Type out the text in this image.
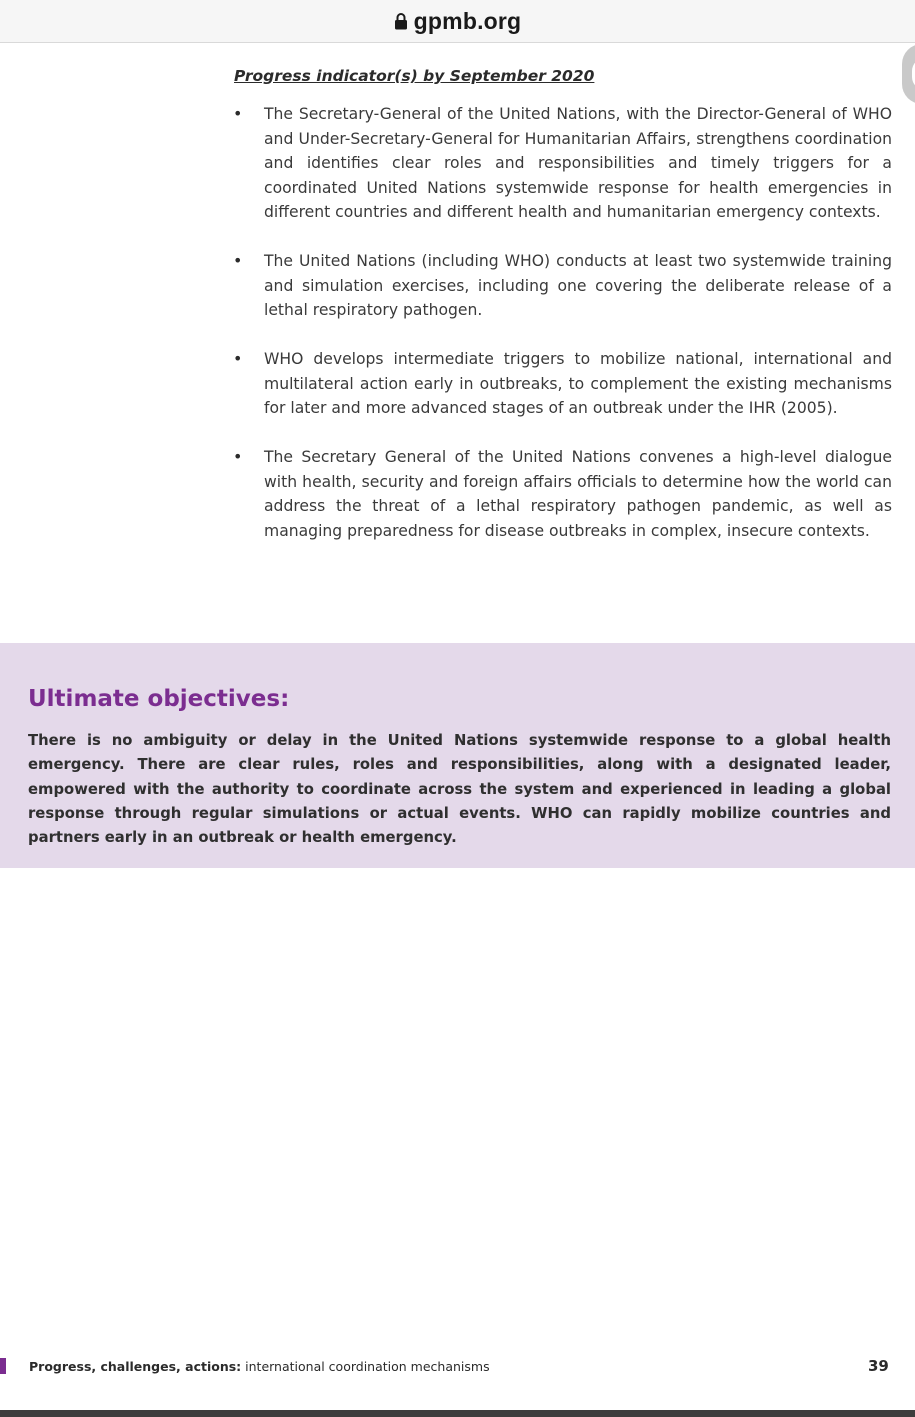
gpmb.org
Progress indicator(s) by September 2020
• The Secretary-General of the United Nations, with the Director-General of WHO and Under-Secretary-General for Humanitarian Affairs, strengthens coordination and identifies clear roles and responsibilities and timely triggers for a coordinated United Nations systemwide response for health emergencies in different countries and different health and humanitarian emergency contexts.
• The United Nations (including WHO) conducts at least two systemwide training and simulation exercises, including one covering the deliberate release of a lethal respiratory pathogen.
• WHO develops intermediate triggers to mobilize national, international and multilateral action early in outbreaks, to complement the existing mechanisms for later and more advanced stages of an outbreak under the IHR (2005).
• The Secretary General of the United Nations convenes a high-level dialogue with health, security and foreign affairs officials to determine how the world can address the threat of a lethal respiratory pathogen pandemic, as well as managing preparedness for disease outbreaks in complex, insecure contexts.
Ultimate objectives:
There is no ambiguity or delay in the United Nations systemwide response to a global health emergency. There are clear rules, roles and responsibilities, along with a designated leader, empowered with the authority to coordinate across the system and experienced in leading a global response through regular simulations or actual events. WHO can rapidly mobilize countries and partners early in an outbreak or health emergency.
Progress, challenges, actions: international coordination mechanisms	39
